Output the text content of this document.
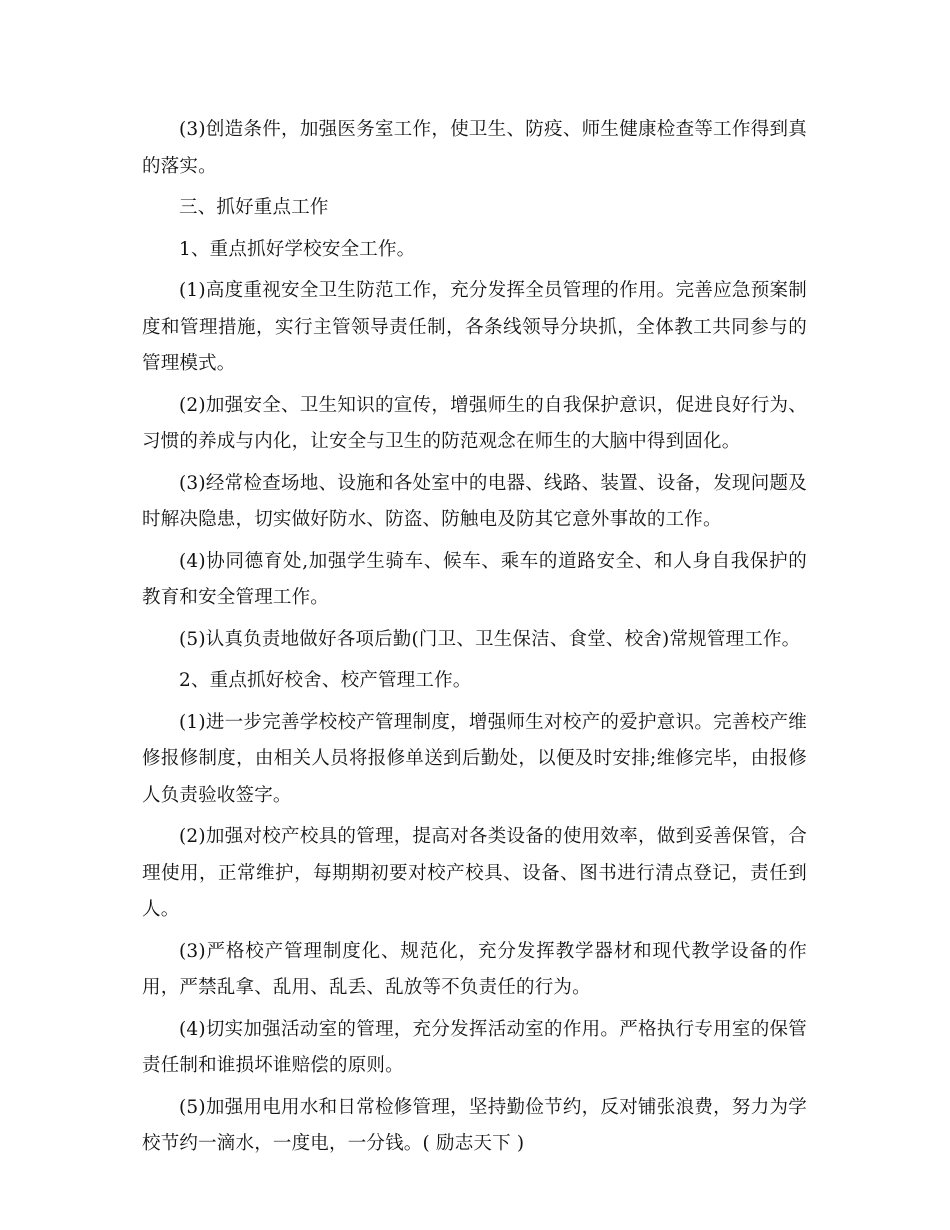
(3)创造条件，加强医务室工作，使卫生、防疫、师生健康检查等工作得到真的落实。

三、抓好重点工作

1、重点抓好学校安全工作。

(1)高度重视安全卫生防范工作，充分发挥全员管理的作用。完善应急预案制度和管理措施，实行主管领导责任制，各条线领导分块抓，全体教工共同参与的管理模式。

(2)加强安全、卫生知识的宣传，增强师生的自我保护意识，促进良好行为、习惯的养成与内化，让安全与卫生的防范观念在师生的大脑中得到固化。

(3)经常检查场地、设施和各处室中的电器、线路、装置、设备，发现问题及时解决隐患，切实做好防水、防盗、防触电及防其它意外事故的工作。

(4)协同德育处,加强学生骑车、候车、乘车的道路安全、和人身自我保护的教育和安全管理工作。

(5)认真负责地做好各项后勤(门卫、卫生保洁、食堂、校舍)常规管理工作。

2、重点抓好校舍、校产管理工作。

(1)进一步完善学校校产管理制度，增强师生对校产的爱护意识。完善校产维修报修制度，由相关人员将报修单送到后勤处，以便及时安排;维修完毕，由报修人负责验收签字。

(2)加强对校产校具的管理，提高对各类设备的使用效率，做到妥善保管，合理使用，正常维护，每期期初要对校产校具、设备、图书进行清点登记，责任到人。

(3)严格校产管理制度化、规范化，充分发挥教学器材和现代教学设备的作用，严禁乱拿、乱用、乱丢、乱放等不负责任的行为。

(4)切实加强活动室的管理，充分发挥活动室的作用。严格执行专用室的保管责任制和谁损坏谁赔偿的原则。

(5)加强用电用水和日常检修管理，坚持勤俭节约，反对铺张浪费，努力为学校节约一滴水，一度电，一分钱。( 励志天下 )
